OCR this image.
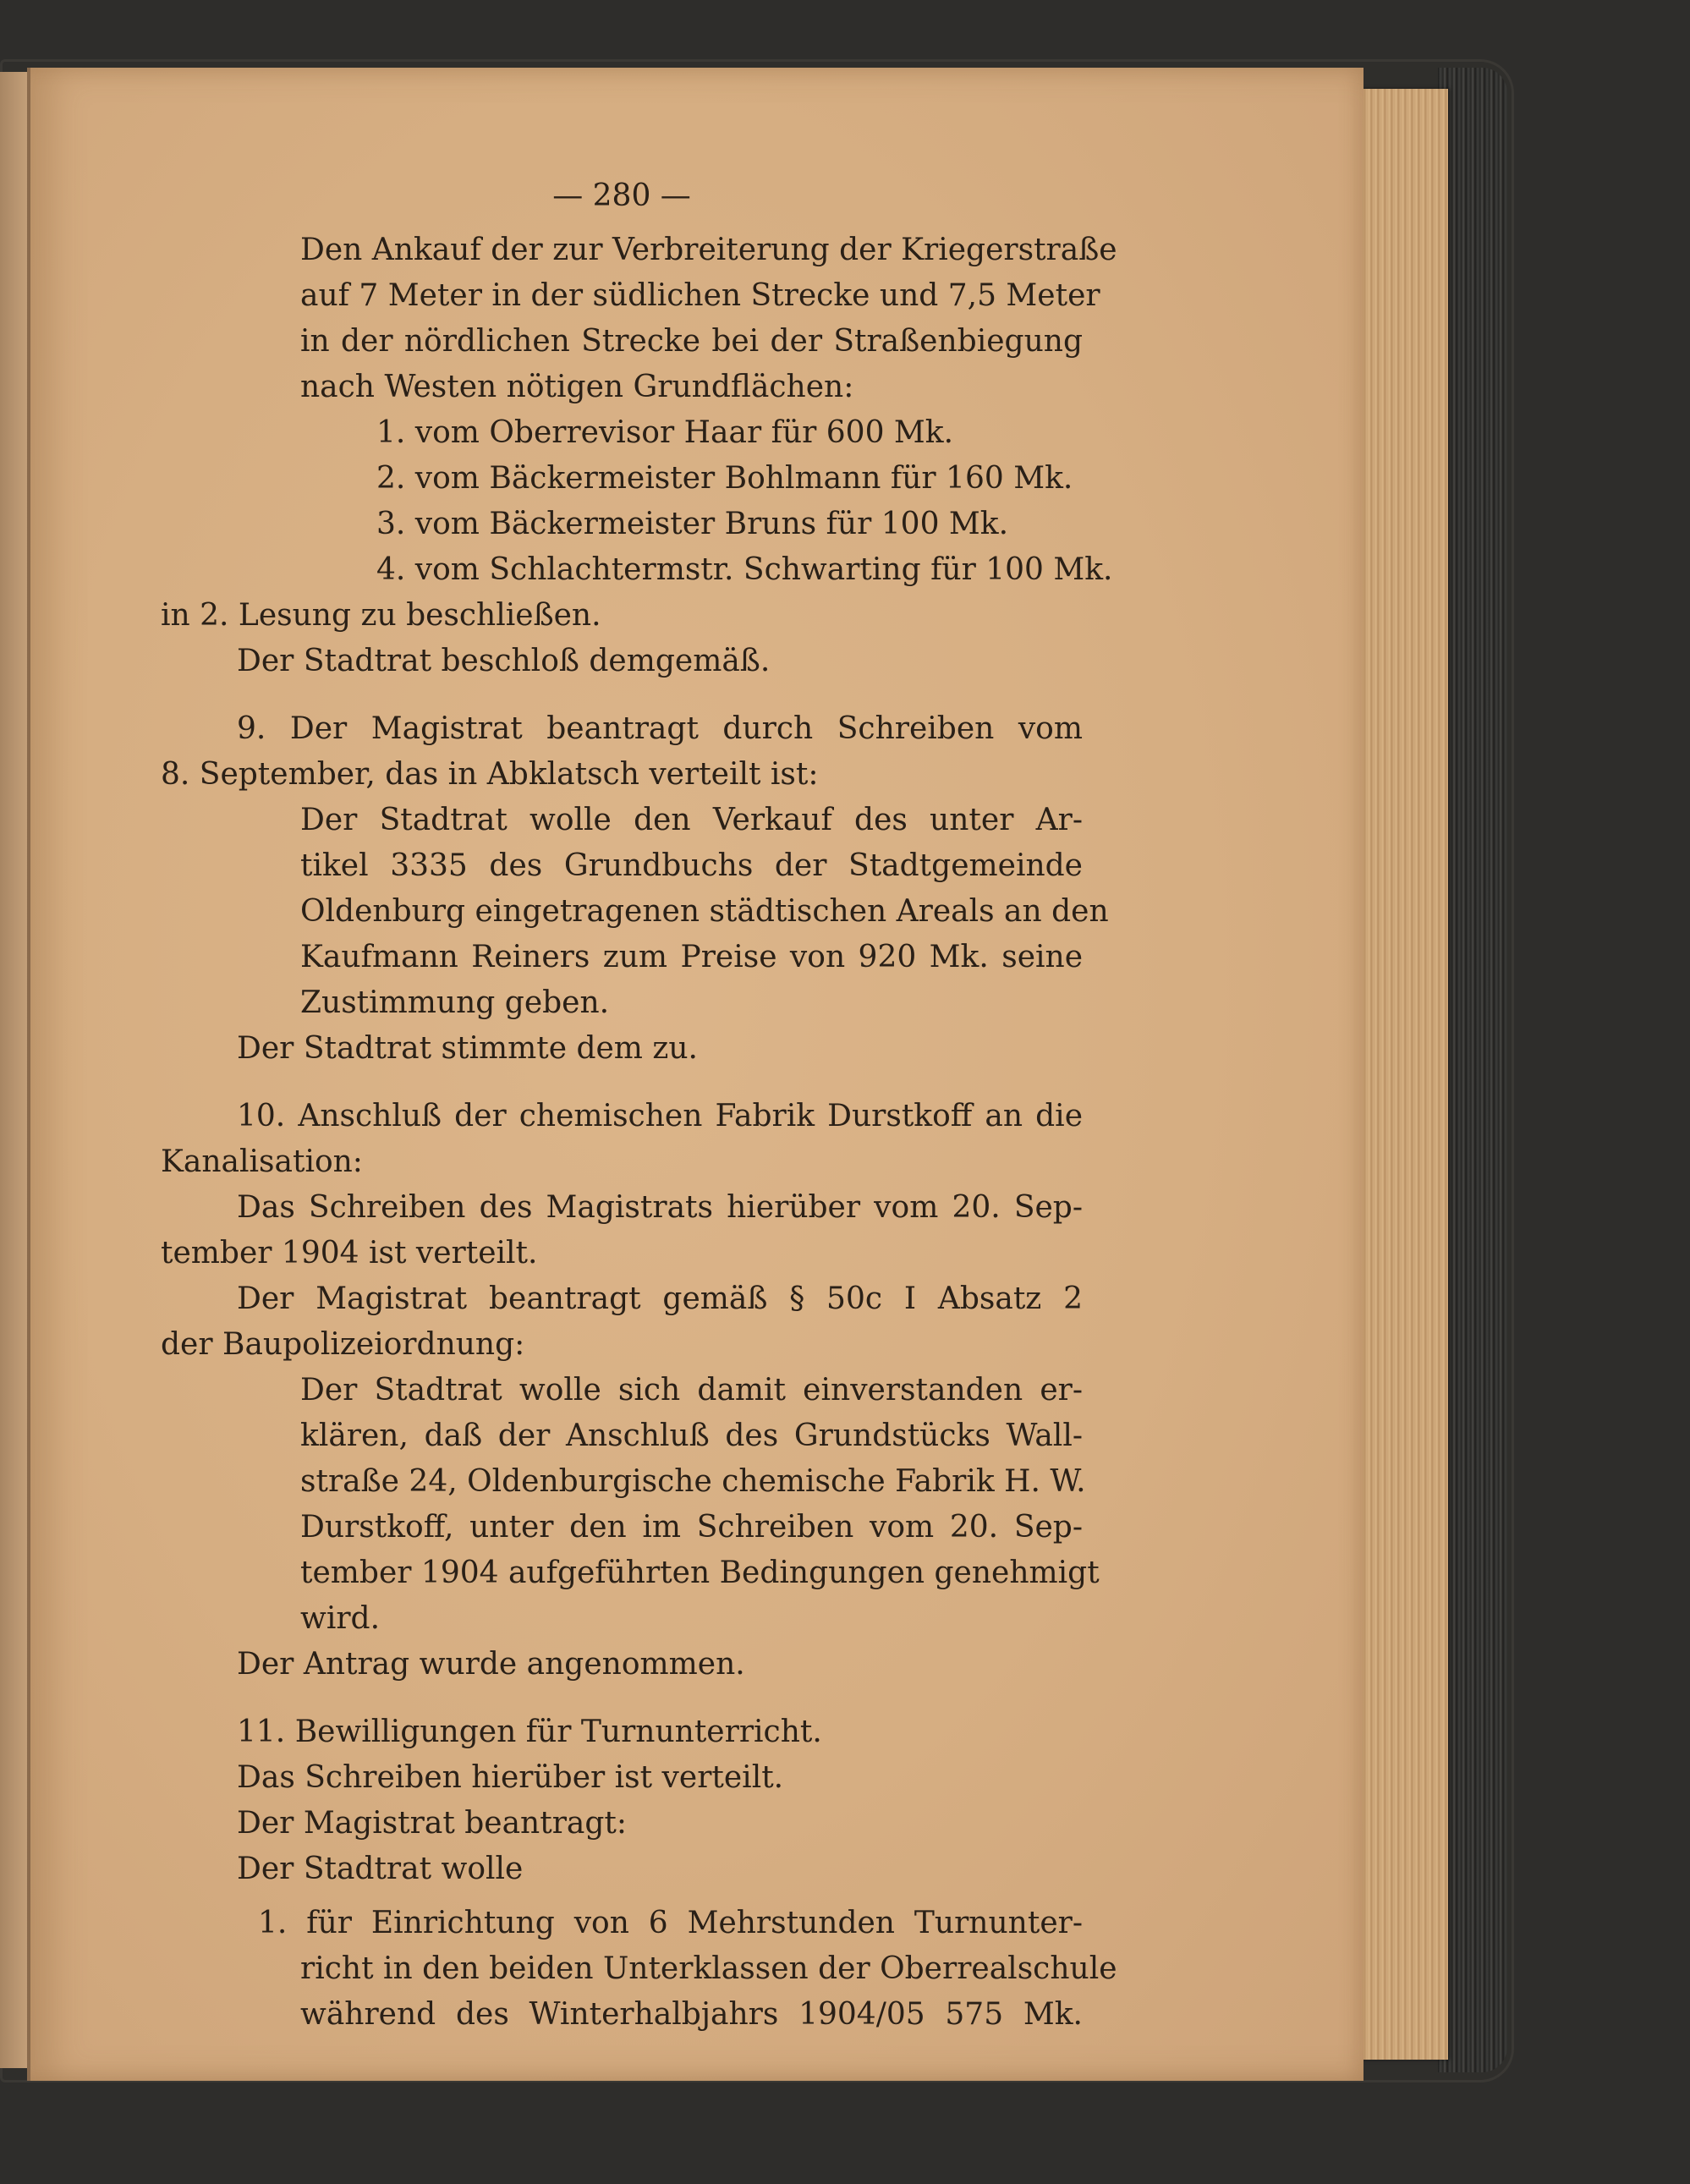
— 280 —
Den Ankauf der zur Verbreiterung der Kriegerstraße
auf 7 Meter in der südlichen Strecke und 7,5 Meter
in der nördlichen Strecke bei der Straßenbiegung
nach Westen nötigen Grundflächen:
1. vom Oberrevisor Haar für 600 Mk.
2. vom Bäckermeister Bohlmann für 160 Mk.
3. vom Bäckermeister Bruns für 100 Mk.
4. vom Schlachtermstr. Schwarting für 100 Mk.
in 2. Lesung zu beschließen.
Der Stadtrat beschloß demgemäß.
9. Der Magistrat beantragt durch Schreiben vom
8. September, das in Abklatsch verteilt ist:
Der Stadtrat wolle den Verkauf des unter Ar-
tikel 3335 des Grundbuchs der Stadtgemeinde
Oldenburg eingetragenen städtischen Areals an den
Kaufmann Reiners zum Preise von 920 Mk. seine
Zustimmung geben.
Der Stadtrat stimmte dem zu.
10. Anschluß der chemischen Fabrik Durstkoff an die
Kanalisation:
Das Schreiben des Magistrats hierüber vom 20. Sep-
tember 1904 ist verteilt.
Der Magistrat beantragt gemäß § 50c I Absatz 2
der Baupolizeiordnung:
Der Stadtrat wolle sich damit einverstanden er-
klären, daß der Anschluß des Grundstücks Wall-
straße 24, Oldenburgische chemische Fabrik H. W.
Durstkoff, unter den im Schreiben vom 20. Sep-
tember 1904 aufgeführten Bedingungen genehmigt
wird.
Der Antrag wurde angenommen.
11. Bewilligungen für Turnunterricht.
Das Schreiben hierüber ist verteilt.
Der Magistrat beantragt:
Der Stadtrat wolle
1. für Einrichtung von 6 Mehrstunden Turnunter-
richt in den beiden Unterklassen der Oberrealschule
während des Winterhalbjahrs 1904/05 575 Mk.
